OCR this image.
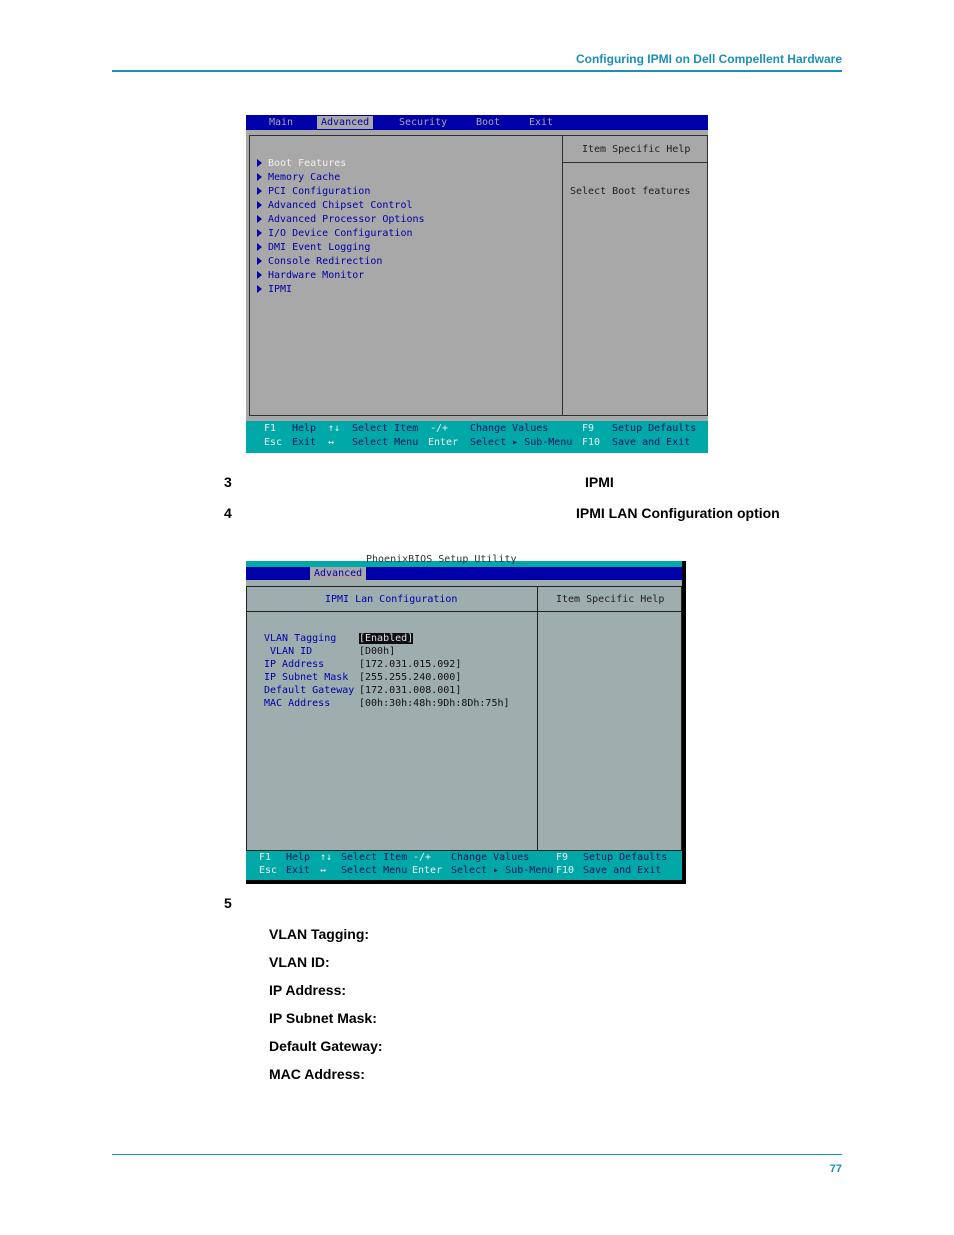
Configuring IPMI on Dell Compellent Hardware
Main	Advanced	Security	Boot	Exit
Item Specific Help
Select Boot features
Boot Features
Memory Cache
PCI Configuration
Advanced Chipset Control
Advanced Processor Options
I/O Device Configuration
DMI Event Logging
Console Redirection
Hardware Monitor
IPMI
F1 Help ↑↓ Select Item -/+ Change Values	F9 Setup Defaults
Esc Exit ↔ Select Menu Enter Select ▸ Sub-Menu F10 Save and Exit
3	IPMI
4	IPMI LAN Configuration option
PhoenixBIOS Setup Utility
Advanced
IPMI Lan Configuration	Item Specific Help
VLAN Tagging [Enabled]
VLAN ID	[D00h]
IP Address	[172.031.015.092]
IP Subnet Mask [255.255.240.000]
Default Gateway [172.031.008.001]
MAC Address	[00h:30h:48h:9Dh:8Dh:75h]
F1 Help ↑↓ Select Item -/+ Change Values	F9 Setup Defaults
Esc Exit ↔ Select Menu Enter Select ▸ Sub-Menu F10 Save and Exit
5
VLAN Tagging:
VLAN ID:
IP Address:
IP Subnet Mask:
Default Gateway:
MAC Address:
77
